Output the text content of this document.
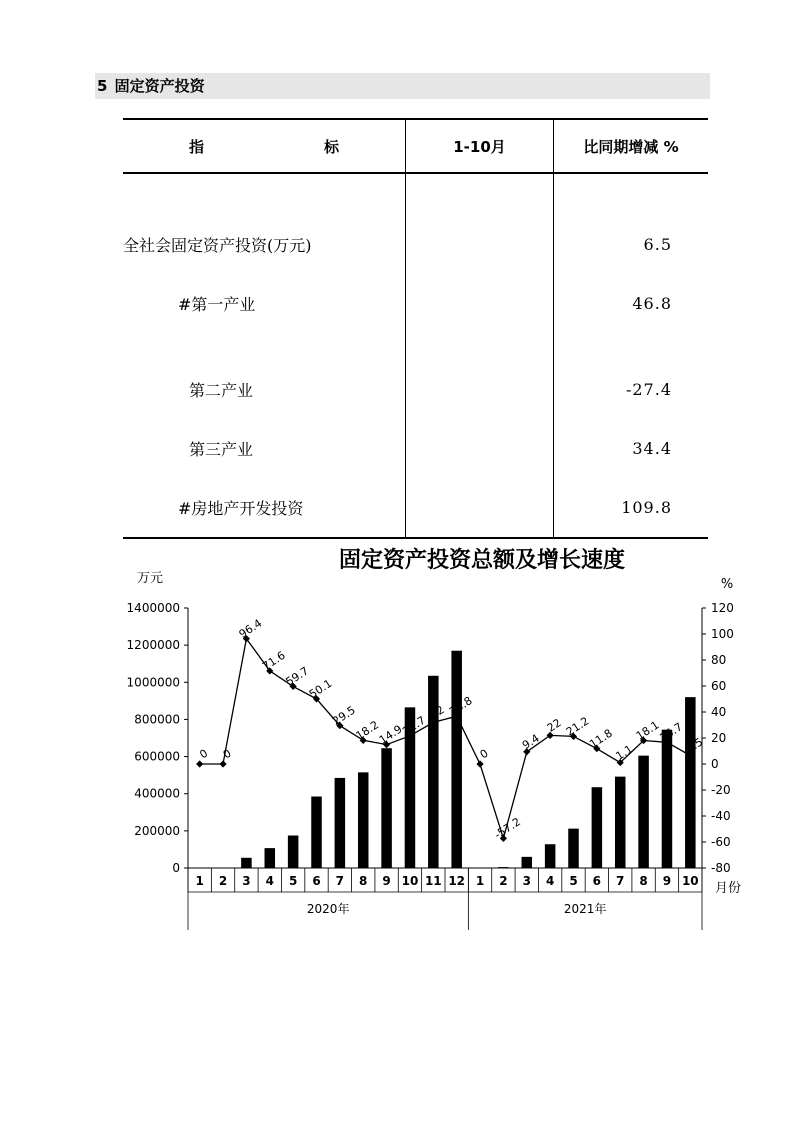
5 固定资产投资
指 标	1-10月	比同期增减 %
全社会固定资产投资(万元)		6.5
#第一产业		46.8
第二产业		-27.4
第三产业		34.4
#房地产开发投资		109.8
固定资产投资总额及增长速度
万元	%
月份
1400000
1200000
1000000
800000
600000
400000
200000
0
120
100
80
60
40
20
0
-20
-40
-60
-80
2020年	2021年
1 2 3 4 5 6 7 8 9 10 11 12 1 2 3 4 5 6 7 8 9 10
0 0
96.4
71.6
59.7
50.1
29.5
18.2
14.9
21.7
32 36.8
0
-57.2
9.4
22 21.2
11.8
1.1
18.1
16.7
6.5
